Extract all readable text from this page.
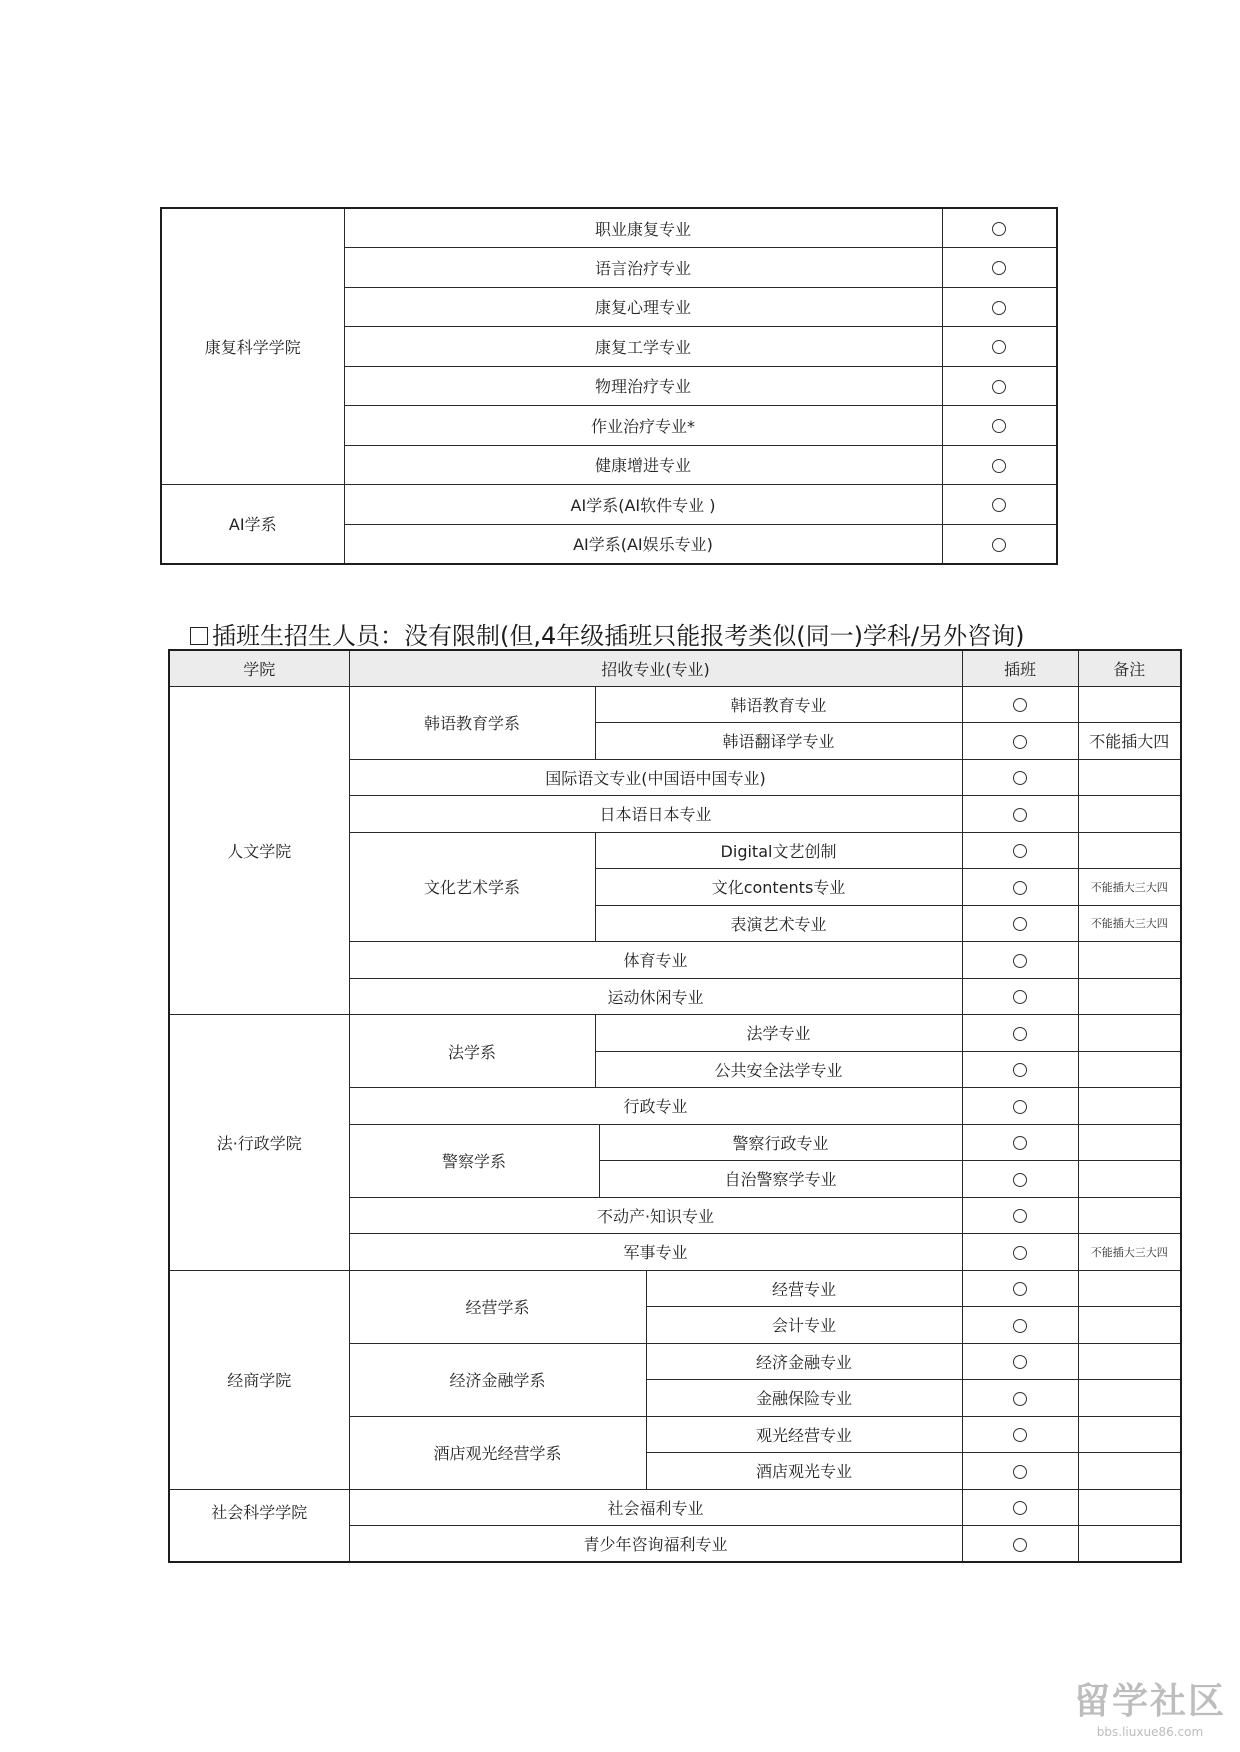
康复科学学院	职业康复专业	
	语言治疗专业	
	康复心理专业	
	康复工学专业	
	物理治疗专业	
	作业治疗专业*	
	健康增进专业	
AI学系	AI学系(AI软件专业 )	
	AI学系(AI娱乐专业)	
插班生招生人员：没有限制(但,4年级插班只能报考类似(同一)学科/另外咨询)
学院	招收专业(专业)				插班	备注
人文学院	韩语教育学系	韩语教育专业				
		韩语翻译学专业				不能插大四
	国际语文专业(中国语中国专业)					
	日本语日本专业					
	文化艺术学系	Digital文艺创制				
		文化contents专业				不能插大三大四
		表演艺术专业				不能插大三大四
	体育专业					
	运动休闲专业					
法·行政学院	法学系	法学专业				
		公共安全法学专业				
	行政专业					
	警察学系		警察行政专业			
			自治警察学专业			
	不动产·知识专业					
	军事专业					不能插大三大四
经商学院	经营学系			经营专业		
				会计专业		
	经济金融学系			经济金融专业		
				金融保险专业		
	酒店观光经营学系			观光经营专业		
				酒店观光专业		
社会科学学院	社会福利专业					
	青少年咨询福利专业					
留学社区
bbs.liuxue86.com
